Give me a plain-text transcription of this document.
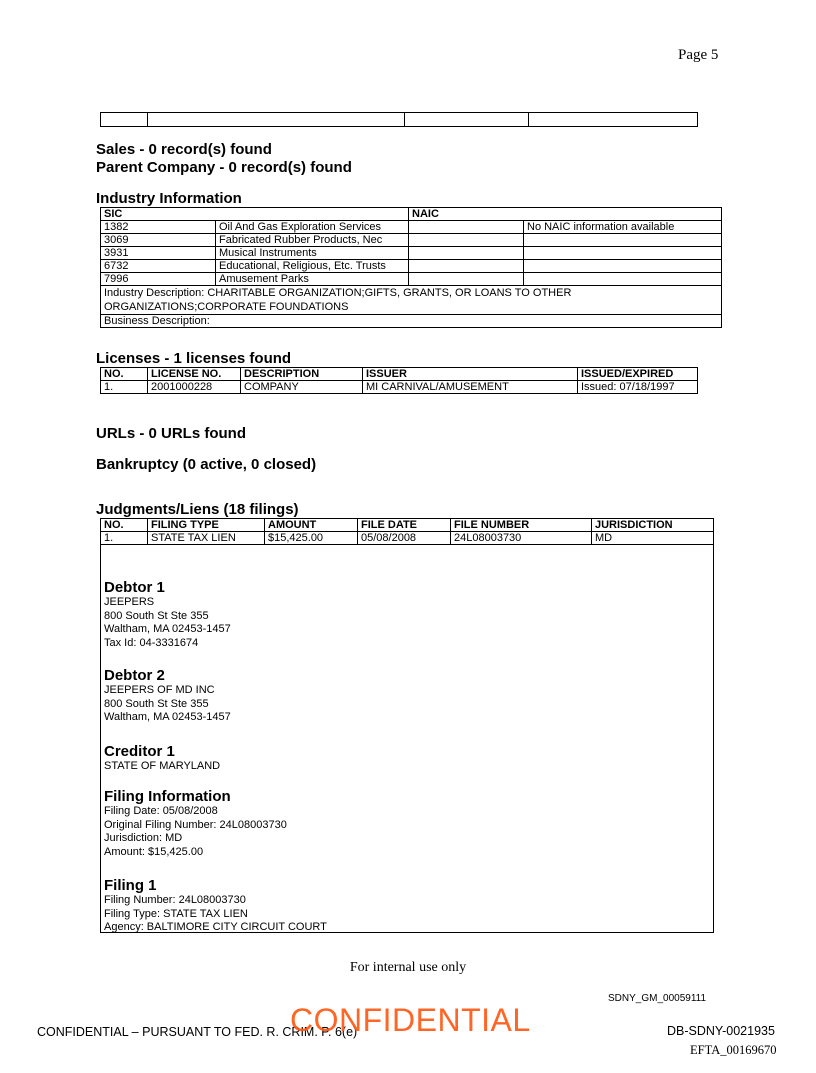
Page 5

Sales - 0 record(s) found
Parent Company - 0 record(s) found
Industry Information
SIC		NAIC	
1382	Oil And Gas Exploration Services		No NAIC information available
3069	Fabricated Rubber Products, Nec		
3931	Musical Instruments		
6732	Educational, Religious, Etc. Trusts		
7996	Amusement Parks		

Industry Description: CHARITABLE ORGANIZATION;GIFTS, GRANTS, OR LOANS TO OTHER
ORGANIZATIONS;CORPORATE FOUNDATIONS			

Business Description:			
Licenses - 1 licenses found
NO.	LICENSE NO.	DESCRIPTION	ISSUER	ISSUED/EXPIRED
1.	2001000228	COMPANY	MI CARNIVAL/AMUSEMENT	Issued: 07/18/1997
URLs - 0 URLs found
Bankruptcy (0 active, 0 closed)
Judgments/Liens (18 filings)
NO.	FILING TYPE	AMOUNT	FILE DATE	FILE NUMBER	JURISDICTION
1.	STATE TAX LIEN	$15,425.00	05/08/2008	24L08003730	MD

Debtor 1
JEEPERS
800 South St Ste 355
Waltham, MA 02453-1457
Tax Id: 04-3331674
Debtor 2
JEEPERS OF MD INC
800 South St Ste 355
Waltham, MA 02453-1457
Creditor 1
STATE OF MARYLAND
Filing Information
Filing Date: 05/08/2008
Original Filing Number: 24L08003730
Jurisdiction: MD
Amount: $15,425.00
Filing 1
Filing Number: 24L08003730
Filing Type: STATE TAX LIEN
Agency: BALTIMORE CITY CIRCUIT COURT
For internal use only
SDNY_GM_00059111
CONFIDENTIAL – PURSUANT TO FED. R. CRIM. P. 6(e)
CONFIDENTIAL	DB-SDNY-0021935
EFTA_00169670
